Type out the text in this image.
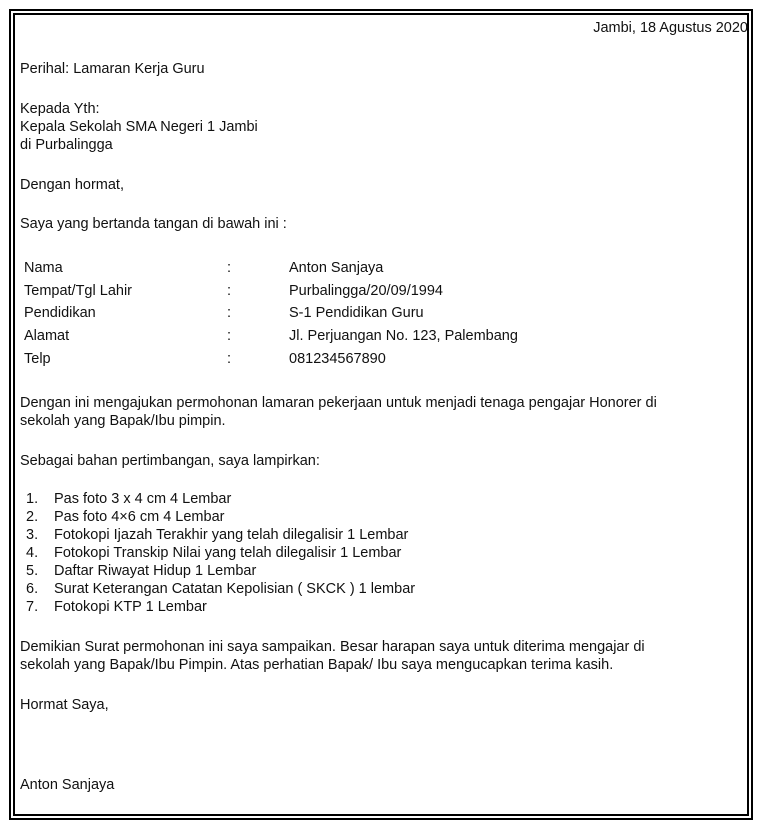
Jambi, 18 Agustus 2020
Perihal: Lamaran Kerja Guru
Kepada Yth:
Kepala Sekolah SMA Negeri 1 Jambi
di Purbalingga
Dengan hormat,
Saya yang bertanda tangan di bawah ini :
Nama	:	Anton Sanjaya
Tempat/Tgl Lahir	:	Purbalingga/20/09/1994
Pendidikan	:	S-1 Pendidikan Guru
Alamat	:	Jl. Perjuangan No. 123, Palembang
Telp	:	081234567890
Dengan ini mengajukan permohonan lamaran pekerjaan untuk menjadi tenaga pengajar Honorer di
sekolah yang Bapak/Ibu pimpin.
Sebagai bahan pertimbangan, saya lampirkan:
1. Pas foto 3 x 4 cm 4 Lembar
2. Pas foto 4×6 cm 4 Lembar
3. Fotokopi Ijazah Terakhir yang telah dilegalisir 1 Lembar
4. Fotokopi Transkip Nilai yang telah dilegalisir 1 Lembar
5. Daftar Riwayat Hidup 1 Lembar
6. Surat Keterangan Catatan Kepolisian ( SKCK ) 1 lembar
7. Fotokopi KTP 1 Lembar
Demikian Surat permohonan ini saya sampaikan. Besar harapan saya untuk diterima mengajar di
sekolah yang Bapak/Ibu Pimpin. Atas perhatian Bapak/ Ibu saya mengucapkan terima kasih.
Hormat Saya,
Anton Sanjaya
